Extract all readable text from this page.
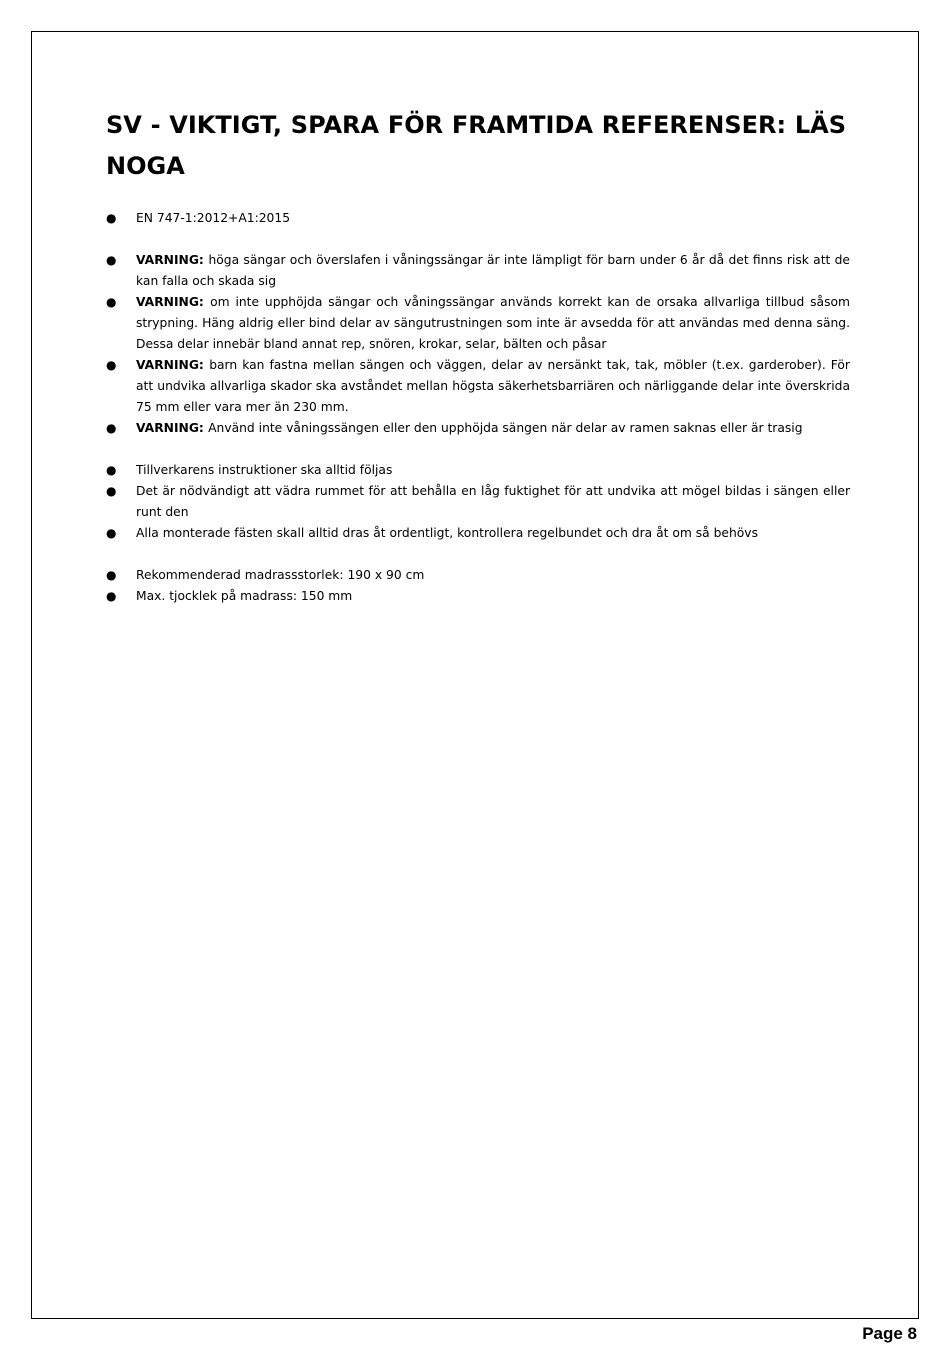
SV - VIKTIGT, SPARA FÖR FRAMTIDA REFERENSER: LÄS NOGA
● EN 747-1:2012+A1:2015
● VARNING: höga sängar och överslafen i våningssängar är inte lämpligt för barn under 6 år då det finns risk att de kan falla och skada sig
● VARNING: om inte upphöjda sängar och våningssängar används korrekt kan de orsaka allvarliga tillbud såsom strypning. Häng aldrig eller bind delar av sängutrustningen som inte är avsedda för att användas med denna säng. Dessa delar innebär bland annat rep, snören, krokar, selar, bälten och påsar
● VARNING: barn kan fastna mellan sängen och väggen, delar av nersänkt tak, tak, möbler (t.ex. garderober). För att undvika allvarliga skador ska avståndet mellan högsta säkerhetsbarriären och närliggande delar inte överskrida 75 mm eller vara mer än 230 mm.
● VARNING: Använd inte våningssängen eller den upphöjda sängen när delar av ramen saknas eller är trasig
● Tillverkarens instruktioner ska alltid följas
● Det är nödvändigt att vädra rummet för att behålla en låg fuktighet för att undvika att mögel bildas i sängen eller runt den
● Alla monterade fästen skall alltid dras åt ordentligt, kontrollera regelbundet och dra åt om så behövs
● Rekommenderad madrassstorlek: 190 x 90 cm
● Max. tjocklek på madrass: 150 mm
Page 8
